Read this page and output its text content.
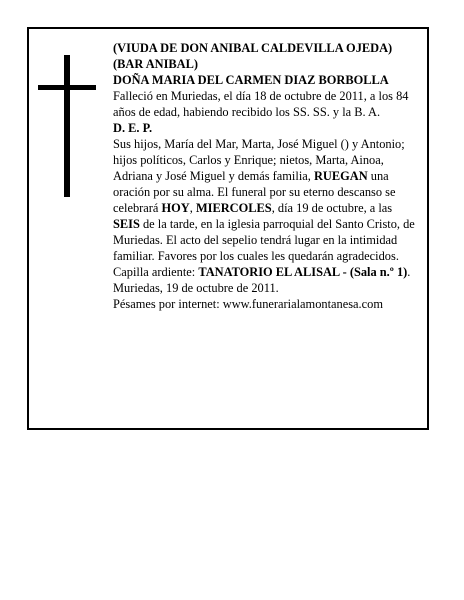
(VIUDA DE DON ANIBAL CALDEVILLA OJEDA) (BAR ANIBAL)

DOÑA MARIA DEL CARMEN DIAZ BORBOLLA

Falleció en Muriedas, el día 18 de octubre de 2011, a los 84 años de edad, habiendo recibido los SS. SS. y la B. A.

D. E. P.

Sus hijos, María del Mar, Marta, José Miguel () y Antonio; hijos políticos, Carlos y Enrique; nietos, Marta, Ainoa, Adriana y José Miguel y demás familia, RUEGAN una oración por su alma. El funeral por su eterno descanso se celebrará HOY, MIERCOLES, día 19 de octubre, a las SEIS de la tarde, en la iglesia parroquial del Santo Cristo, de Muriedas. El acto del sepelio tendrá lugar en la intimidad familiar. Favores por los cuales les quedarán agradecidos.

Capilla ardiente: TANATORIO EL ALISAL - (Sala n.º 1).

Muriedas, 19 de octubre de 2011.

Pésames por internet: www.funerarialamontanesa.com
